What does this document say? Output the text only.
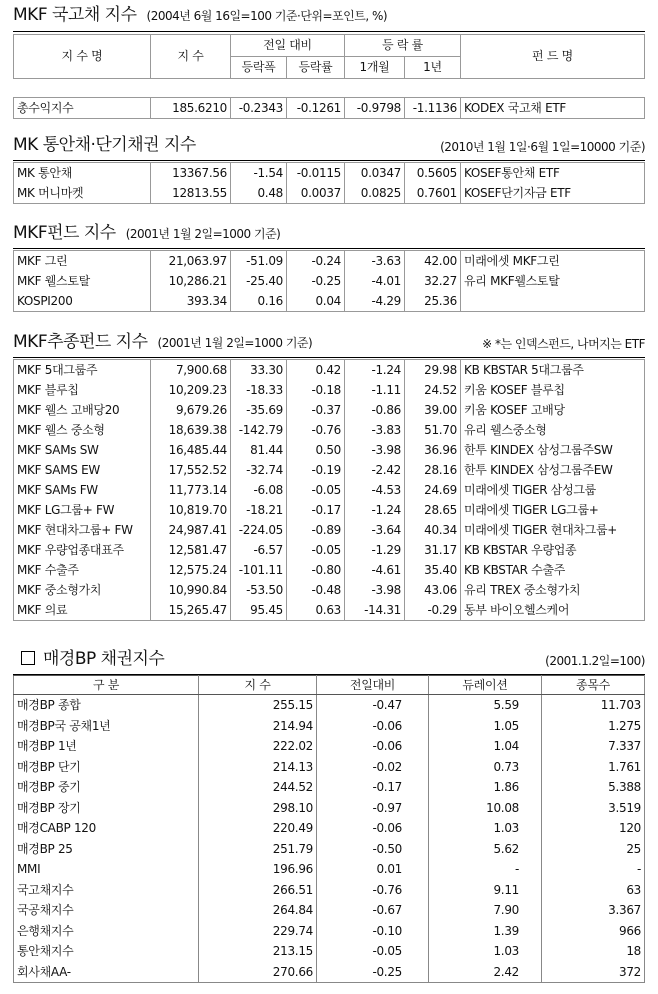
MKF 국고채 지수 (2004년 6월 16일=100 기준·단위=포인트, %)
지 수 명	지 수	전일 대비		등 락 률		펀 드 명
		등락폭	등락률	1개월	1년	
총수익지수	185.6210	-0.2343	-0.1261	-0.9798	-1.1136	KODEX 국고채 ETF
MK 통안채·단기채권 지수	(2010년 1월 1일·6월 1일=10000 기준)
MK 통안채	13367.56	-1.54	-0.0115	0.0347	0.5605	KOSEF통안채 ETF
MK 머니마켓	12813.55	0.48	0.0037	0.0825	0.7601	KOSEF단기자금 ETF
MKF펀드 지수 (2001년 1월 2일=1000 기준)
MKF 그린	21,063.97	-51.09	-0.24	-3.63	42.00	미래에셋 MKF그린
MKF 웰스토탈	10,286.21	-25.40	-0.25	-4.01	32.27	유리 MKF웰스토탈
KOSPI200	393.34	0.16	0.04	-4.29	25.36	
MKF추종펀드 지수 (2001년 1월 2일=1000 기준)	※ *는 인덱스펀드, 나머지는 ETF
MKF 5대그룹주	7,900.68	33.30	0.42	-1.24	29.98	KB KBSTAR 5대그룹주
MKF 블루칩	10,209.23	-18.33	-0.18	-1.11	24.52	키움 KOSEF 블루칩
MKF 웰스 고배당20	9,679.26	-35.69	-0.37	-0.86	39.00	키움 KOSEF 고배당
MKF 웰스 중소형	18,639.38	-142.79	-0.76	-3.83	51.70	유리 웰스중소형
MKF SAMs SW	16,485.44	81.44	0.50	-3.98	36.96	한투 KINDEX 삼성그룹주SW
MKF SAMS EW	17,552.52	-32.74	-0.19	-2.42	28.16	한투 KINDEX 삼성그룹주EW
MKF SAMs FW	11,773.14	-6.08	-0.05	-4.53	24.69	미래에셋 TIGER 삼성그룹
MKF LG그룹+ FW	10,819.70	-18.21	-0.17	-1.24	28.65	미래에셋 TIGER LG그룹+
MKF 현대차그룹+ FW	24,987.41	-224.05	-0.89	-3.64	40.34	미래에셋 TIGER 현대차그룹+
MKF 우량업종대표주	12,581.47	-6.57	-0.05	-1.29	31.17	KB KBSTAR 우량업종
MKF 수출주	12,575.24	-101.11	-0.80	-4.61	35.40	KB KBSTAR 수출주
MKF 중소형가치	10,990.84	-53.50	-0.48	-3.98	43.06	유리 TREX 중소형가치
MKF 의료	15,265.47	95.45	0.63	-14.31	-0.29	동부 바이오헬스케어
매경BP 채권지수	(2001.1.2일=100)
구 분	지 수	전일대비	듀레이션	종목수
매경BP 종합	255.15	-0.47	5.59	11.703
매경BP국 공채1년	214.94	-0.06	1.05	1.275
매경BP 1년	222.02	-0.06	1.04	7.337
매경BP 단기	214.13	-0.02	0.73	1.761
매경BP 중기	244.52	-0.17	1.86	5.388
매경BP 장기	298.10	-0.97	10.08	3.519
매경CABP 120	220.49	-0.06	1.03	120
매경BP 25	251.79	-0.50	5.62	25
MMI	196.96	0.01	-	-
국고채지수	266.51	-0.76	9.11	63
국공채지수	264.84	-0.67	7.90	3.367
은행채지수	229.74	-0.10	1.39	966
통안채지수	213.15	-0.05	1.03	18
회사채AA-	270.66	-0.25	2.42	372
